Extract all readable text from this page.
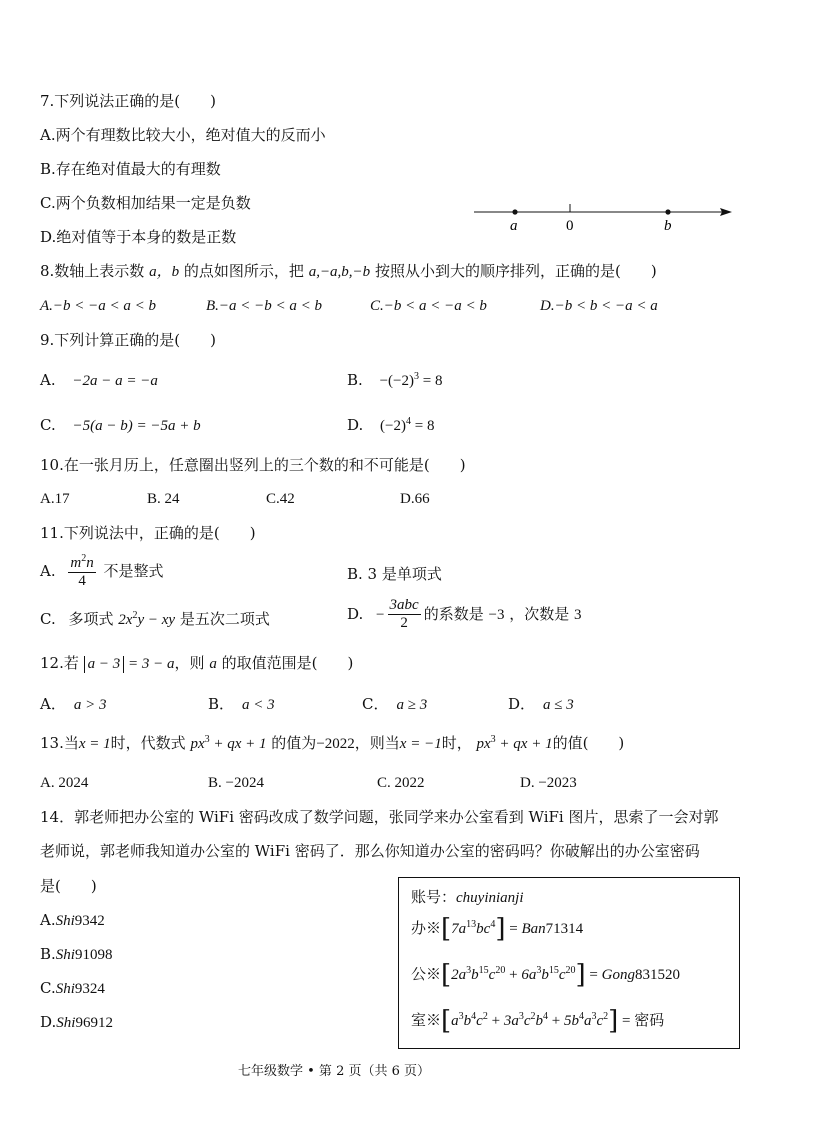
7.下列说法正确的是(　　)
A.两个有理数比较大小，绝对值大的反而小
B.存在绝对值最大的有理数
C.两个负数相加结果一定是负数
D.绝对值等于本身的数是正数
a	0	b
8.数轴上表示数 a，b 的点如图所示，把 a,−a,b,−b 按照从小到大的顺序排列，正确的是(　　)
A.−b < −a < a < b	B.−a < −b < a < b	C.−b < a < −a < b	D.−b < b < −a < a
9.下列计算正确的是(　　)
A. −2a − a = −a	B. $-(-2)^3 = 8$
C. −5(a − b) = −5a + b	D. $(-2)^4 = 8$
10.在一张月历上，任意圈出竖列上的三个数的和不可能是(　　)
A.17	B. 24	C.42	D.66
11.下列说法中，正确的是(　　)
A. $\frac{m^2n}{4}$ 不是整式	B. 3 是单项式
C. 多项式 $2x^2y$ − xy 是五次二项式	D. − $\frac{\text{3abc}}{2}$ 的系数是 −3 ，次数是 3
12.若 a − 3 = 3 − a，则 a 的取值范围是(　　)
A． a > 3	B． a < 3	C． a ≥ 3	D． a ≤ 3
13.当x = 1时，代数式 $px^3$ + qx + 1 的值为−2022，则当x = −1时， $px^3$ + qx + 1的值(　　)
A. 2024	B. −2024	C. 2022	D. −2023
14．郭老师把办公室的 WiFi 密码改成了数学问题，张同学来办公室看到 WiFi 图片，思索了一会对郭
老师说，郭老师我知道办公室的 WiFi 密码了．那么你知道办公室的密码吗？你破解出的办公室密码
是(　　)
A.Shi9342
B.Shi91098
C.Shi9324
D.Shi96912
账号：chuyinianji
办$※[7a^{13}bc^4] = Ban71314$
公$※[2a^3b^{15}c^{20} + 6a^3b^{15}c^{20}]$ = Gong831520
室$※[a^3b^4c^2 + 3a^3c^2b^4 + 5b^4a^3c^2]$ = 密码
七年级数学 • 第 2 页（共 6 页）
